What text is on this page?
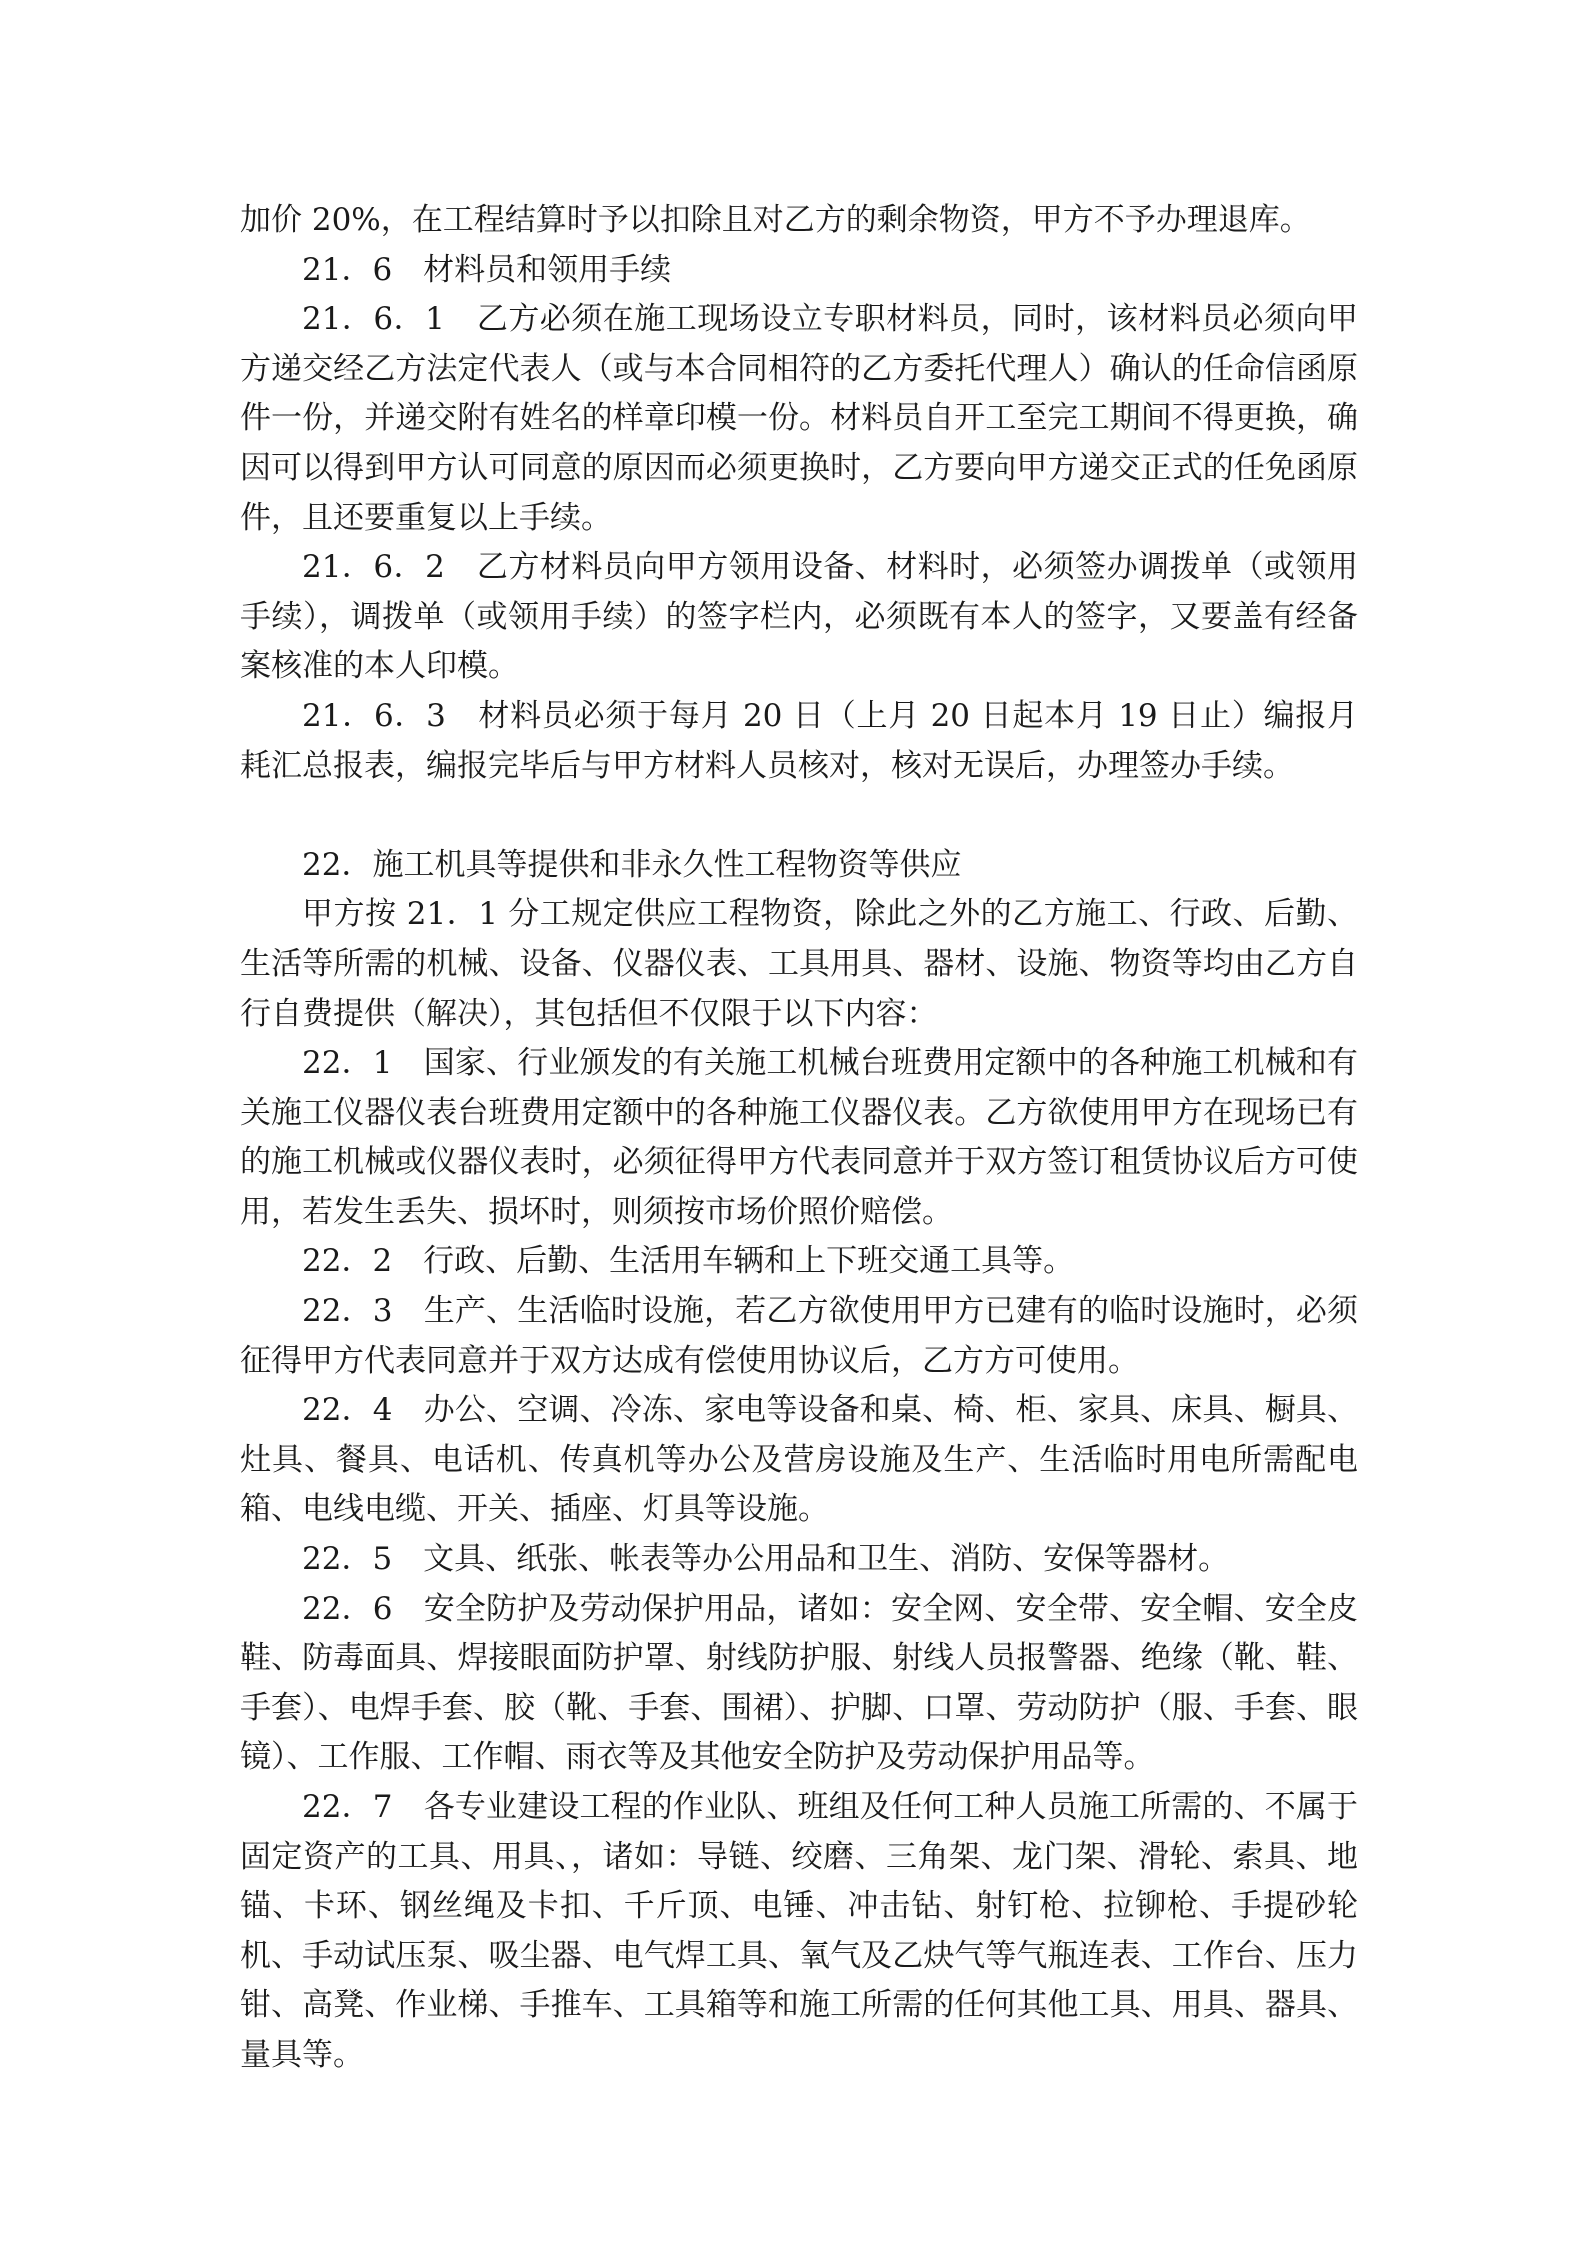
加价 20%，在工程结算时予以扣除且对乙方的剩余物资，甲方不予办理退库。

21．6　材料员和领用手续

21．6．1　乙方必须在施工现场设立专职材料员，同时，该材料员必须向甲方递交经乙方法定代表人（或与本合同相符的乙方委托代理人）确认的任命信函原件一份，并递交附有姓名的样章印模一份。材料员自开工至完工期间不得更换，确因可以得到甲方认可同意的原因而必须更换时，乙方要向甲方递交正式的任免函原件，且还要重复以上手续。

21．6．2　乙方材料员向甲方领用设备、材料时，必须签办调拨单（或领用手续），调拨单（或领用手续）的签字栏内，必须既有本人的签字，又要盖有经备案核准的本人印模。

21．6．3　材料员必须于每月 20 日（上月 20 日起本月 19 日止）编报月耗汇总报表，编报完毕后与甲方材料人员核对，核对无误后，办理签办手续。

22．施工机具等提供和非永久性工程物资等供应

甲方按 21．1 分工规定供应工程物资，除此之外的乙方施工、行政、后勤、生活等所需的机械、设备、仪器仪表、工具用具、器材、设施、物资等均由乙方自行自费提供（解决），其包括但不仅限于以下内容：

22．1　国家、行业颁发的有关施工机械台班费用定额中的各种施工机械和有关施工仪器仪表台班费用定额中的各种施工仪器仪表。乙方欲使用甲方在现场已有的施工机械或仪器仪表时，必须征得甲方代表同意并于双方签订租赁协议后方可使用，若发生丢失、损坏时，则须按市场价照价赔偿。

22．2　行政、后勤、生活用车辆和上下班交通工具等。

22．3　生产、生活临时设施，若乙方欲使用甲方已建有的临时设施时，必须征得甲方代表同意并于双方达成有偿使用协议后，乙方方可使用。

22．4　办公、空调、冷冻、家电等设备和桌、椅、柜、家具、床具、橱具、灶具、餐具、电话机、传真机等办公及营房设施及生产、生活临时用电所需配电箱、电线电缆、开关、插座、灯具等设施。

22．5　文具、纸张、帐表等办公用品和卫生、消防、安保等器材。

22．6　安全防护及劳动保护用品，诸如：安全网、安全带、安全帽、安全皮鞋、防毒面具、焊接眼面防护罩、射线防护服、射线人员报警器、绝缘（靴、鞋、手套）、电焊手套、胶（靴、手套、围裙）、护脚、口罩、劳动防护（服、手套、眼镜）、工作服、工作帽、雨衣等及其他安全防护及劳动保护用品等。

22．7　各专业建设工程的作业队、班组及任何工种人员施工所需的、不属于固定资产的工具、用具、，诸如：导链、绞磨、三角架、龙门架、滑轮、索具、地锚、卡环、钢丝绳及卡扣、千斤顶、电锤、冲击钻、射钉枪、拉铆枪、手提砂轮机、手动试压泵、吸尘器、电气焊工具、氧气及乙炔气等气瓶连表、工作台、压力钳、高凳、作业梯、手推车、工具箱等和施工所需的任何其他工具、用具、器具、量具等。
